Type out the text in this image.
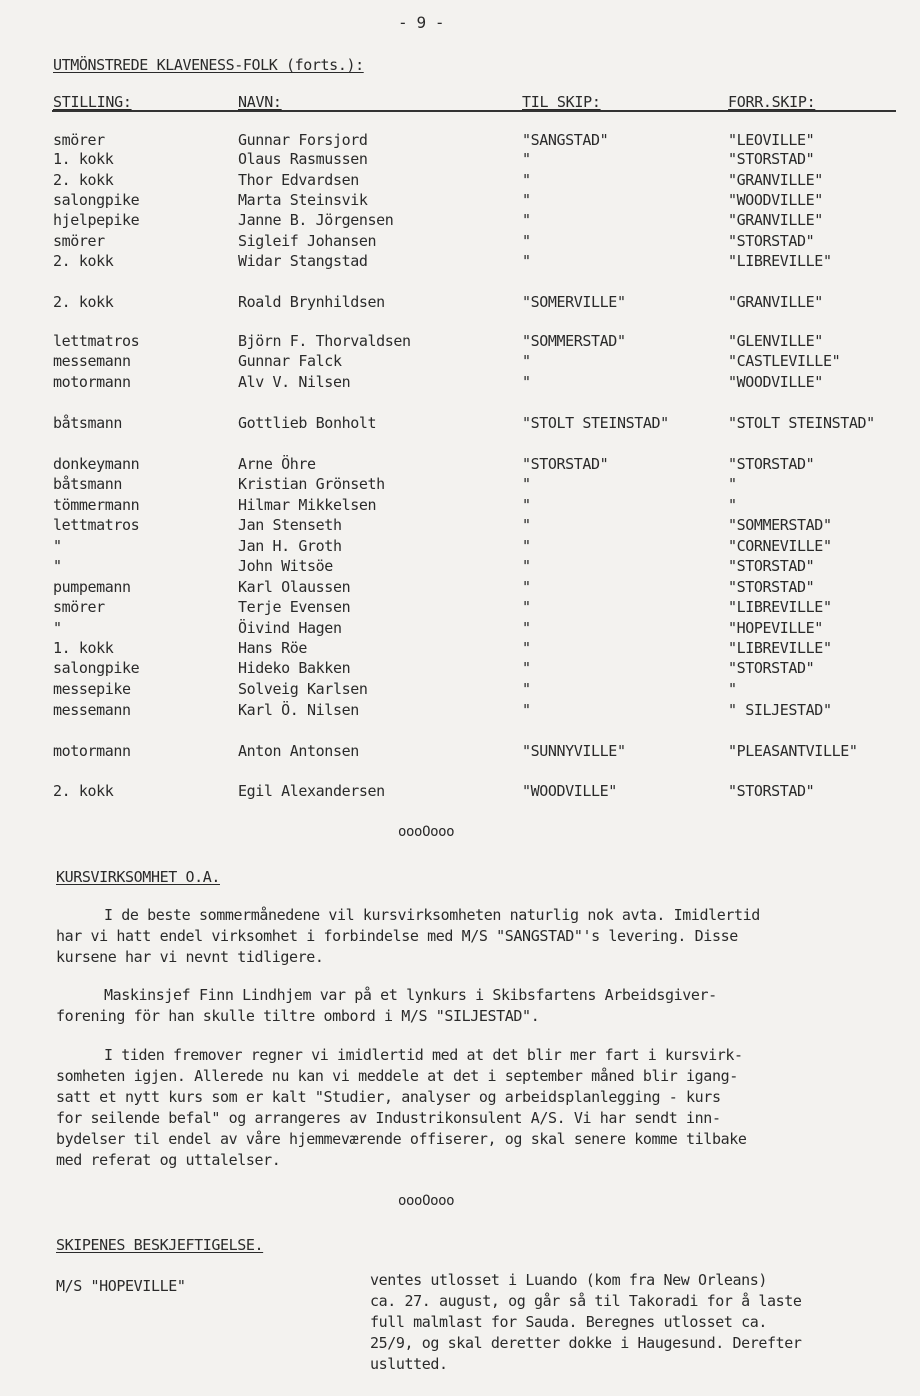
- 9 -
UTMÖNSTREDE KLAVENESS-FOLK (forts.):
STILLING:	NAVN:	TIL SKIP:	FORR.SKIP:
smörer	Gunnar Forsjord	"SANGSTAD"	"LEOVILLE"
1. kokk	Olaus Rasmussen	"	"STORSTAD"
2. kokk	Thor Edvardsen	"	"GRANVILLE"
salongpike	Marta Steinsvik	"	"WOODVILLE"
hjelpepike	Janne B. Jörgensen	"	"GRANVILLE"
smörer	Sigleif Johansen	"	"STORSTAD"
2. kokk	Widar Stangstad	"	"LIBREVILLE"
2. kokk	Roald Brynhildsen	"SOMERVILLE"	"GRANVILLE"
lettmatros	Björn F. Thorvaldsen	"SOMMERSTAD"	"GLENVILLE"
messemann	Gunnar Falck	"	"CASTLEVILLE"
motormann	Alv V. Nilsen	"	"WOODVILLE"
båtsmann	Gottlieb Bonholt	"STOLT STEINSTAD"	"STOLT STEINSTAD"
donkeymann	Arne Öhre	"STORSTAD"	"STORSTAD"
båtsmann	Kristian Grönseth	"	"
tömmermann	Hilmar Mikkelsen	"	"
lettmatros	Jan Stenseth	"	"SOMMERSTAD"
"	Jan H. Groth	"	"CORNEVILLE"
"	John Witsöe	"	"STORSTAD"
pumpemann	Karl Olaussen	"	"STORSTAD"
smörer	Terje Evensen	"	"LIBREVILLE"
"	Öivind Hagen	"	"HOPEVILLE"
1. kokk	Hans Röe	"	"LIBREVILLE"
salongpike	Hideko Bakken	"	"STORSTAD"
messepike	Solveig Karlsen	"	"
messemann	Karl Ö. Nilsen	"	" SILJESTAD"
motormann	Anton Antonsen	"SUNNYVILLE"	"PLEASANTVILLE"
2. kokk	Egil Alexandersen	"WOODVILLE"	"STORSTAD"
oooOooo
KURSVIRKSOMHET O.A.
I de beste sommermånedene vil kursvirksomheten naturlig nok avta. Imidlertid
har vi hatt endel virksomhet i forbindelse med M/S "SANGSTAD"'s levering. Disse
kursene har vi nevnt tidligere.
Maskinsjef Finn Lindhjem var på et lynkurs i Skibsfartens Arbeidsgiver-
forening för han skulle tiltre ombord i M/S "SILJESTAD".
I tiden fremover regner vi imidlertid med at det blir mer fart i kursvirk-
somheten igjen. Allerede nu kan vi meddele at det i september måned blir igang-
satt et nytt kurs som er kalt "Studier, analyser og arbeidsplanlegging - kurs
for seilende befal" og arrangeres av Industrikonsulent A/S. Vi har sendt inn-
bydelser til endel av våre hjemmeværende offiserer, og skal senere komme tilbake
med referat og uttalelser.
oooOooo
SKIPENES BESKJEFTIGELSE.
M/S "HOPEVILLE"	ventes utlosset i Luando (kom fra New Orleans)
ca. 27. august, og går så til Takoradi for å laste
full malmlast for Sauda. Beregnes utlosset ca.
25/9, og skal deretter dokke i Haugesund. Derefter
uslutted.
